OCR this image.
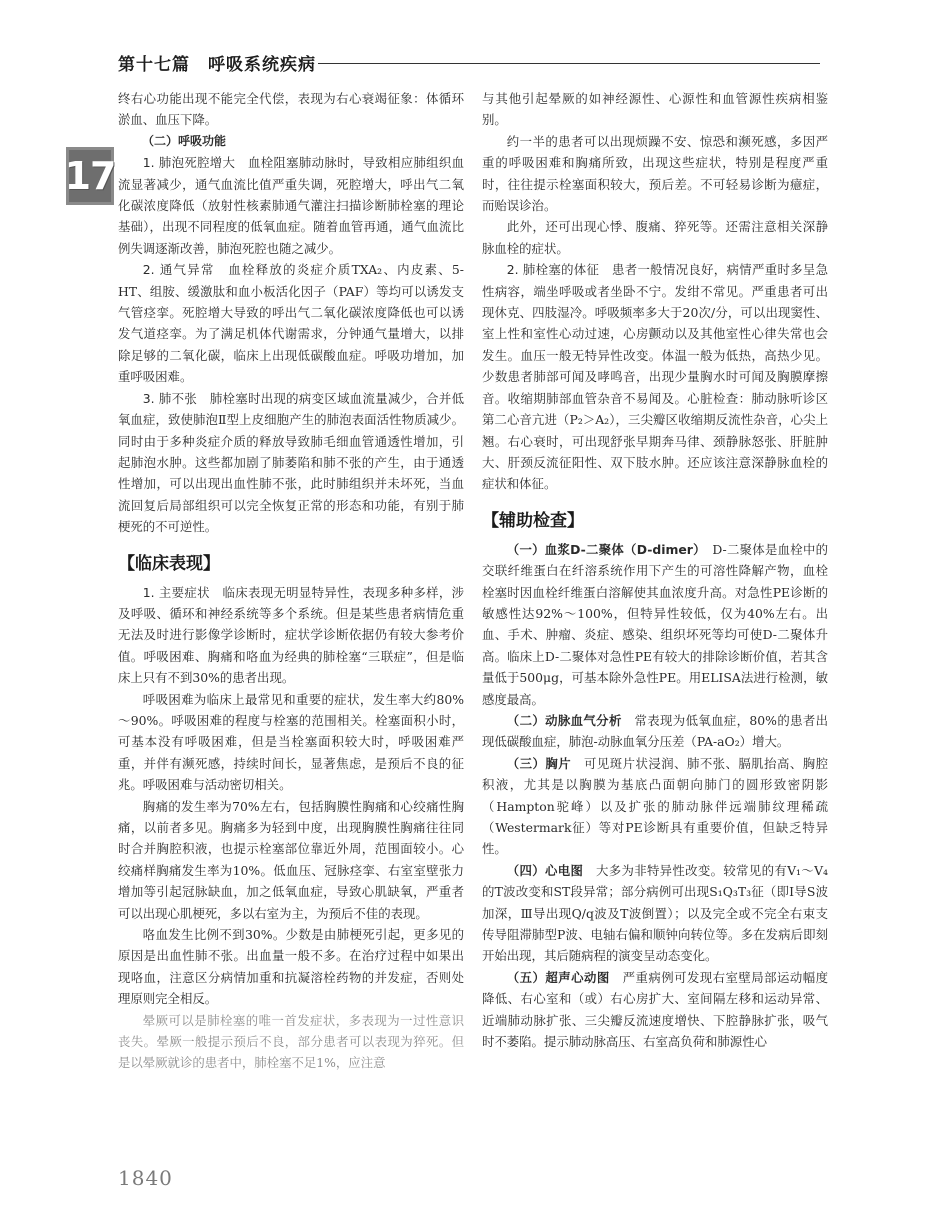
第十七篇　呼吸系统疾病
17

终右心功能出现不能完全代偿，表现为右心衰竭征象：体循环淤血、血压下降。

（二）呼吸功能

1. 肺泡死腔增大　 血栓阻塞肺动脉时，导致相应肺组织血流显著减少，通气血流比值严重失调，死腔增大，呼出气二氧化碳浓度降低（放射性核素肺通气灌注扫描诊断肺栓塞的理论基础），出现不同程度的低氧血症。随着血管再通，通气血流比例失调逐渐改善，肺泡死腔也随之减少。

2. 通气异常　 血栓释放的炎症介质TXA₂、内皮素、5-HT、组胺、缓激肽和血小板活化因子（PAF）等均可以诱发支气管痉挛。死腔增大导致的呼出气二氧化碳浓度降低也可以诱发气道痉挛。为了满足机体代谢需求，分钟通气量增大，以排除足够的二氧化碳，临床上出现低碳酸血症。呼吸功增加，加重呼吸困难。

3. 肺不张　 肺栓塞时出现的病变区域血流量减少，合并低氧血症，致使肺泡Ⅱ型上皮细胞产生的肺泡表面活性物质减少。同时由于多种炎症介质的释放导致肺毛细血管通透性增加，引起肺泡水肿。这些都加剧了肺萎陷和肺不张的产生，由于通透性增加，可以出现出血性肺不张，此时肺组织并未坏死，当血流回复后局部组织可以完全恢复正常的形态和功能，有别于肺梗死的不可逆性。

【临床表现】

1. 主要症状　 临床表现无明显特异性，表现多种多样，涉及呼吸、循环和神经系统等多个系统。但是某些患者病情危重无法及时进行影像学诊断时，症状学诊断依据仍有较大参考价值。呼吸困难、胸痛和咯血为经典的肺栓塞“三联症”，但是临床上只有不到30%的患者出现。

呼吸困难为临床上最常见和重要的症状，发生率大约80%～90%。呼吸困难的程度与栓塞的范围相关。栓塞面积小时，可基本没有呼吸困难，但是当栓塞面积较大时，呼吸困难严重，并伴有濒死感，持续时间长，显著焦虑，是预后不良的征兆。呼吸困难与活动密切相关。

胸痛的发生率为70%左右，包括胸膜性胸痛和心绞痛性胸痛，以前者多见。胸痛多为轻到中度，出现胸膜性胸痛往往同时合并胸腔积液，也提示栓塞部位靠近外周，范围面较小。心绞痛样胸痛发生率为10%。低血压、冠脉痉挛、右室室壁张力增加等引起冠脉缺血，加之低氧血症，导致心肌缺氧，严重者可以出现心肌梗死，多以右室为主，为预后不佳的表现。

咯血发生比例不到30%。少数是由肺梗死引起，更多见的原因是出血性肺不张。出血量一般不多。在治疗过程中如果出现咯血，注意区分病情加重和抗凝溶栓药物的并发症，否则处理原则完全相反。

晕厥可以是肺栓塞的唯一首发症状，多表现为一过性意识丧失。晕厥一般提示预后不良，部分患者可以表现为猝死。但是以晕厥就诊的患者中，肺栓塞不足1%，应注意

与其他引起晕厥的如神经源性、心源性和血管源性疾病相鉴别。

约一半的患者可以出现烦躁不安、惊恐和濒死感，多因严重的呼吸困难和胸痛所致，出现这些症状，特别是程度严重时，往往提示栓塞面积较大，预后差。不可轻易诊断为癔症，而贻误诊治。

此外，还可出现心悸、腹痛、猝死等。还需注意相关深静脉血栓的症状。

2. 肺栓塞的体征　 患者一般情况良好，病情严重时多呈急性病容，端坐呼吸或者坐卧不宁。发绀不常见。严重患者可出现休克、四肢湿冷。呼吸频率多大于20次/分，可以出现窦性、室上性和室性心动过速，心房颤动以及其他室性心律失常也会发生。血压一般无特异性改变。体温一般为低热，高热少见。少数患者肺部可闻及哮鸣音，出现少量胸水时可闻及胸膜摩擦音。收缩期肺部血管杂音不易闻及。心脏检查：肺动脉听诊区第二心音亢进（P₂＞A₂），三尖瓣区收缩期反流性杂音，心尖上翘。右心衰时，可出现舒张早期奔马律、颈静脉怒张、肝脏肿大、肝颈反流征阳性、双下肢水肿。还应该注意深静脉血栓的症状和体征。

【辅助检查】

（一）血浆D-二聚体（D-dimer）　 D-二聚体是血栓中的交联纤维蛋白在纤溶系统作用下产生的可溶性降解产物，血栓栓塞时因血栓纤维蛋白溶解使其血浓度升高。对急性PE诊断的敏感性达92%～100%，但特异性较低，仅为40%左右。出血、手术、肿瘤、炎症、感染、组织坏死等均可使D-二聚体升高。临床上D-二聚体对急性PE有较大的排除诊断价值，若其含量低于500μg，可基本除外急性PE。用ELISA法进行检测，敏感度最高。

（二）动脉血气分析　 常表现为低氧血症，80%的患者出现低碳酸血症，肺泡-动脉血氧分压差（PA-aO₂）增大。

（三）胸片　 可见斑片状浸润、肺不张、膈肌抬高、胸腔积液，尤其是以胸膜为基底凸面朝向肺门的圆形致密阴影（Hampton驼峰）以及扩张的肺动脉伴远端肺纹理稀疏（Westermark征）等对PE诊断具有重要价值，但缺乏特异性。

（四）心电图　 大多为非特异性改变。较常见的有V₁～V₄的T波改变和ST段异常；部分病例可出现S₁Q₃T₃征（即Ⅰ导S波加深，Ⅲ导出现Q/q波及T波倒置）；以及完全或不完全右束支传导阻滞肺型P波、电轴右偏和顺钟向转位等。多在发病后即刻开始出现，其后随病程的演变呈动态变化。

（五）超声心动图　 严重病例可发现右室壁局部运动幅度降低、右心室和（或）右心房扩大、室间隔左移和运动异常、近端肺动脉扩张、三尖瓣反流速度增快、下腔静脉扩张，吸气时不萎陷。提示肺动脉高压、右室高负荷和肺源性心

1840
